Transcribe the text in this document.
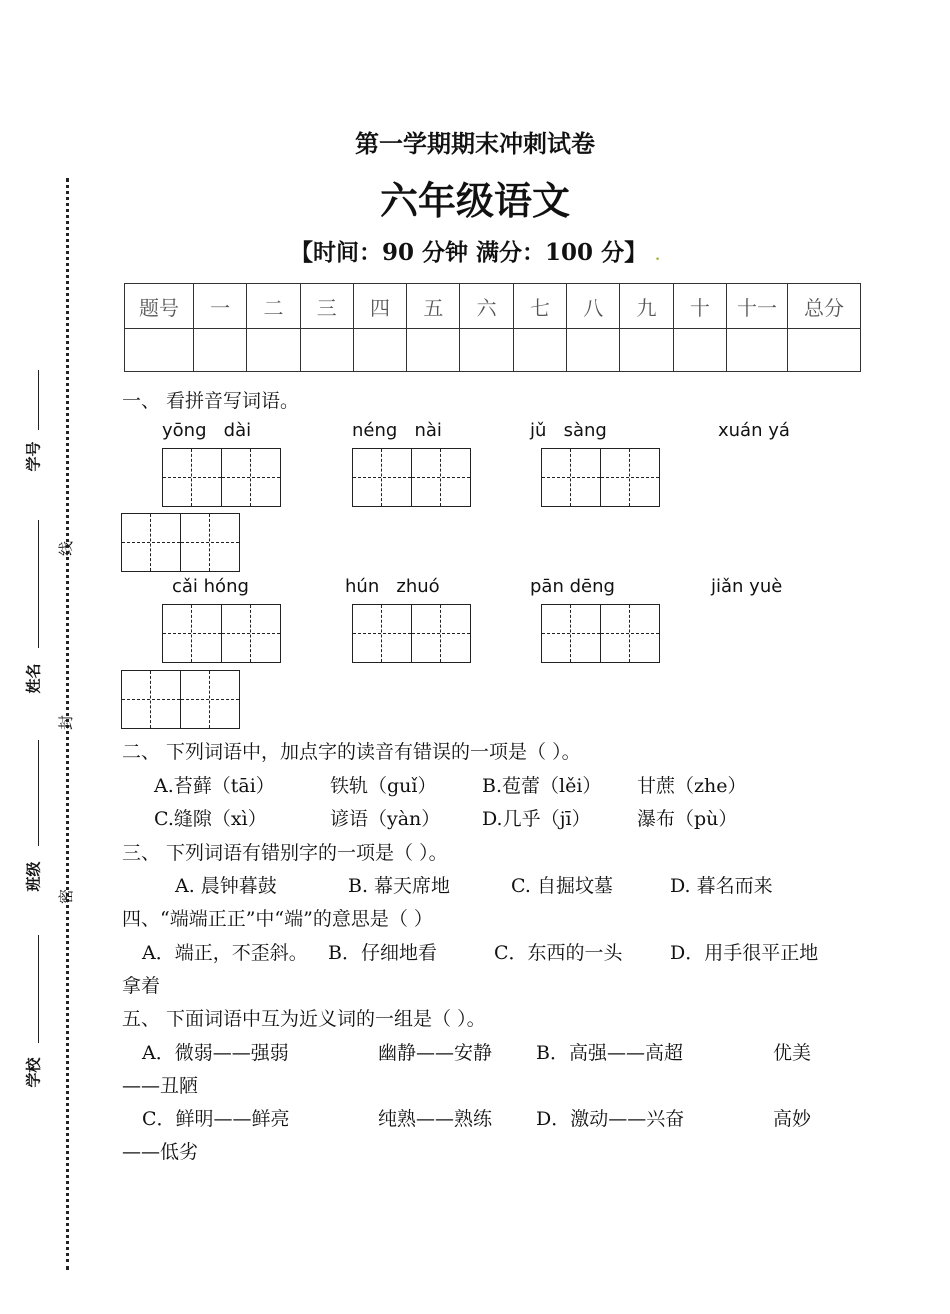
学号
线
姓名
封
班级
密
学校
第一学期期末冲刺试卷
六年级语文
【时间：90 分钟 满分：100 分】 .
题号	一	二	三	四	五	六	七	八	九	十	十一	总分

一、 看拼音写词语。
yōng   dài	néng   nài	jǔ   sàng	xuán yá
cǎi hóng	hún   zhuó	pān dēng	jiǎn yuè
二、 下列词语中，加点字的读音有错误的一项是（ ）。
A.苔藓（tāi）	铁轨（guǐ） B.苞蕾（lěi） 甘蔗（zhe）
C.缝隙（xì）	谚语（yàn） D.几乎（jī） 瀑布（pù）
三、 下列词语有错别字的一项是（ ）。
A. 晨钟暮鼓	B. 幕天席地	C. 自掘坟墓	D. 暮名而来
四、“端端正正”中“端”的意思是（ ）
A．端正，不歪斜。 B．仔细地看	C．东西的一头 D．用手很平正地
拿着
五、 下面词语中互为近义词的一组是（ ）。
A．微弱——强弱	幽静——安静 B．高强——高超	优美
——丑陋
C．鲜明——鲜亮	纯熟——熟练 D．激动——兴奋	高妙
——低劣
